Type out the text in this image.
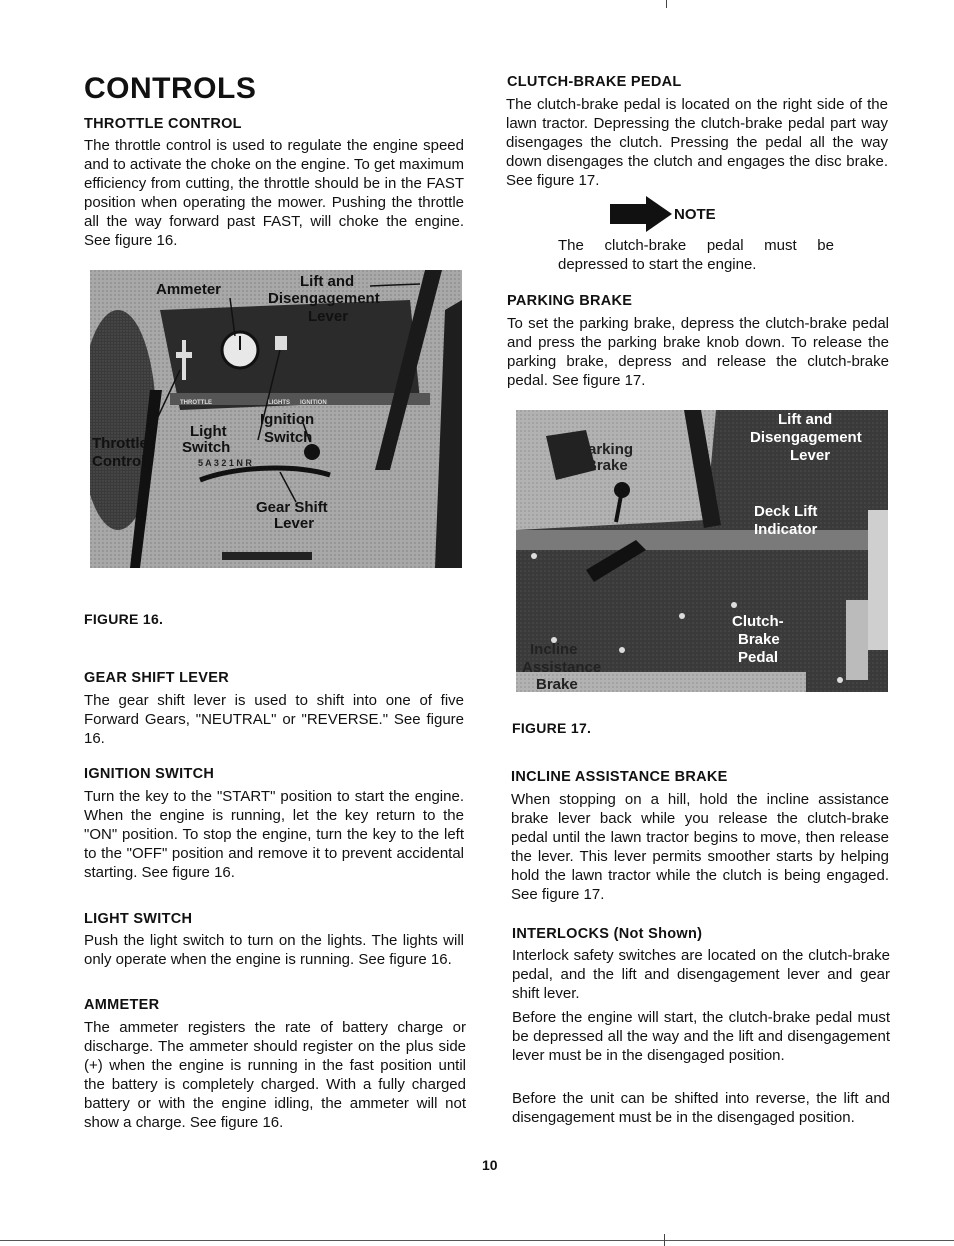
CONTROLS
THROTTLE CONTROL

The throttle control is used to regulate the engine speed and to activate the choke on the engine. To get maximum efficiency from cutting, the throttle should be in the FAST position when operating the mower. Pushing the throttle all the way forward past FAST, will choke the engine. See figure 16.

THROTTLE	LIGHTS IGNITION
5 A 3 2 1 N R
Ammeter	Lift and
Disengagement
Lever
Throttle
Control
Light
Switch
Ignition
Switch
Gear Shift
Lever
FIGURE 16.
GEAR SHIFT LEVER

The gear shift lever is used to shift into one of five Forward Gears, "NEUTRAL" or "REVERSE." See figure 16.

IGNITION SWITCH

Turn the key to the "START" position to start the engine. When the engine is running, let the key return to the "ON" position. To stop the engine, turn the key to the left to the "OFF" position and remove it to prevent accidental starting. See figure 16.

LIGHT SWITCH

Push the light switch to turn on the lights. The lights will only operate when the engine is running. See figure 16.

AMMETER

The ammeter registers the rate of battery charge or discharge. The ammeter should register on the plus side (+) when the engine is running in the fast position until the battery is completely charged. With a fully charged battery or with the engine idling, the ammeter will not show a charge. See figure 16.

CLUTCH-BRAKE PEDAL

The clutch-brake pedal is located on the right side of the lawn tractor. Depressing the clutch-brake pedal part way disengages the clutch. Pressing the pedal all the way down disengages the clutch and engages the disc brake. See figure 17.

NOTE

The clutch-brake pedal must be depressed to start the engine.

PARKING BRAKE

To set the parking brake, depress the clutch-brake pedal and press the parking brake knob down. To release the parking brake, depress and release the clutch-brake pedal. See figure 17.

Lift and
Disengagement
Lever
Parking
Brake
Deck Lift
Indicator
Clutch-
Brake
Pedal
Incline
Assistance
Brake
FIGURE 17.
INCLINE ASSISTANCE BRAKE

When stopping on a hill, hold the incline assistance brake lever back while you release the clutch-brake pedal until the lawn tractor begins to move, then release the lever. This lever permits smoother starts by helping hold the lawn tractor while the clutch is being engaged. See figure 17.

INTERLOCKS (Not Shown)

Interlock safety switches are located on the clutch-brake pedal, and the lift and disengagement lever and gear shift lever.

Before the engine will start, the clutch-brake pedal must be depressed all the way and the lift and disengagement lever must be in the disengaged position.

Before the unit can be shifted into reverse, the lift and disengagement must be in the disengaged position.

10
